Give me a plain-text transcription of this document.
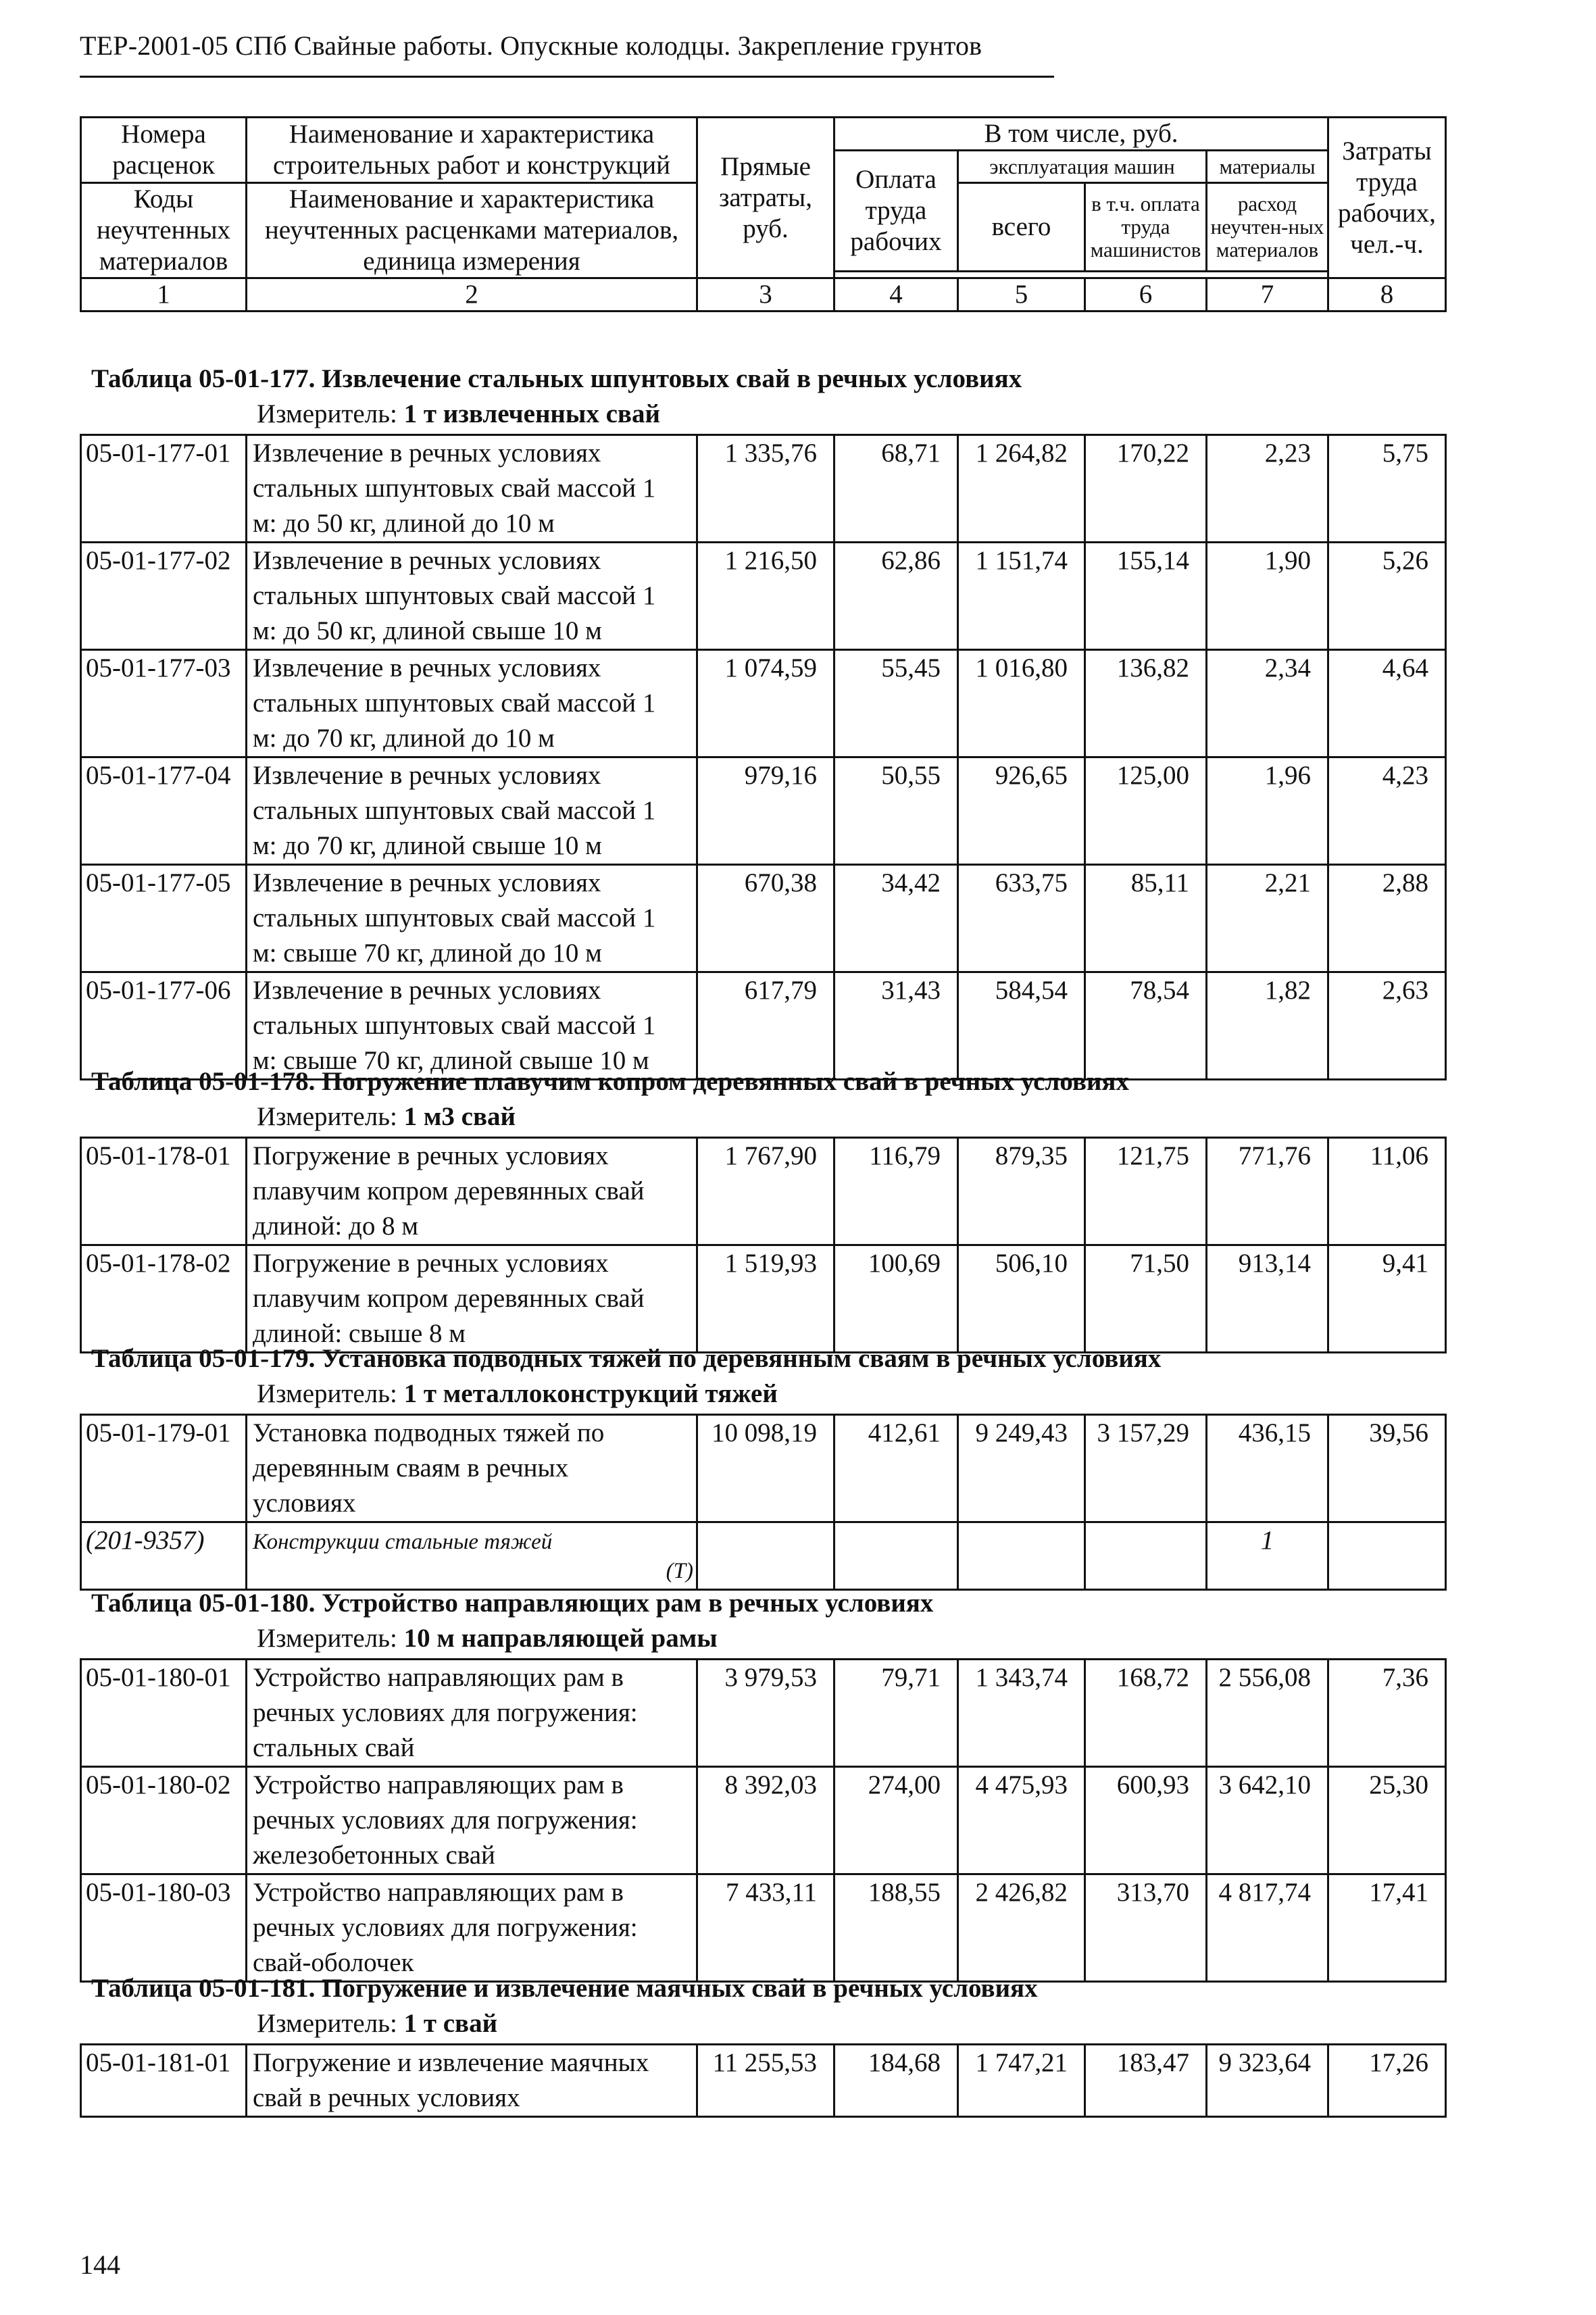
ТЕР-2001-05 СПб Свайные работы. Опускные колодцы. Закрепление грунтов
Номера расценок	Наименование и характеристика строительных работ и конструкций	Прямые затраты, руб.	В том числе, руб.				Затраты труда рабочих, чел.-ч.
			Оплата труда рабочих	эксплуатация машин		материалы	
Коды неучтенных материалов	Наименование и характеристика неучтенных расценками материалов, единица измерения			всего	в т.ч. оплата труда машинистов	расход неучтен-ных материалов	

1	2	3	4	5	6	7	8
Таблица 05-01-177. Извлечение стальных шпунтовых свай в речных условиях
Измеритель: 1 т извлеченных свай
05-01-177-01	Извлечение в речных условиях
стальных шпунтовых свай массой 1
м: до 50 кг, длиной до 10 м	1 335,76	68,71	1 264,82	170,22	2,23	5,75
05-01-177-02	Извлечение в речных условиях
стальных шпунтовых свай массой 1
м: до 50 кг, длиной свыше 10 м	1 216,50	62,86	1 151,74	155,14	1,90	5,26
05-01-177-03	Извлечение в речных условиях
стальных шпунтовых свай массой 1
м: до 70 кг, длиной до 10 м	1 074,59	55,45	1 016,80	136,82	2,34	4,64
05-01-177-04	Извлечение в речных условиях
стальных шпунтовых свай массой 1
м: до 70 кг, длиной свыше 10 м	979,16	50,55	926,65	125,00	1,96	4,23
05-01-177-05	Извлечение в речных условиях
стальных шпунтовых свай массой 1
м: свыше 70 кг, длиной до 10 м	670,38	34,42	633,75	85,11	2,21	2,88
05-01-177-06	Извлечение в речных условиях
стальных шпунтовых свай массой 1
м: свыше 70 кг, длиной свыше 10 м	617,79	31,43	584,54	78,54	1,82	2,63
Таблица 05-01-178. Погружение плавучим копром деревянных свай в речных условиях
Измеритель: 1 м3 свай
05-01-178-01	Погружение в речных условиях
плавучим копром деревянных свай
длиной: до 8 м	1 767,90	116,79	879,35	121,75	771,76	11,06
05-01-178-02	Погружение в речных условиях
плавучим копром деревянных свай
длиной: свыше 8 м	1 519,93	100,69	506,10	71,50	913,14	9,41
Таблица 05-01-179. Установка подводных тяжей по деревянным сваям в речных условиях
Измеритель: 1 т металлоконструкций тяжей
05-01-179-01	Установка подводных тяжей по
деревянным сваям в речных
условиях	10 098,19	412,61	9 249,43	3 157,29	436,15	39,56
(201-9357)	Конструкции стальные тяжей
(Т)					1	
Таблица 05-01-180. Устройство направляющих рам в речных условиях
Измеритель: 10 м направляющей рамы
05-01-180-01	Устройство направляющих рам в
речных условиях для погружения:
стальных свай	3 979,53	79,71	1 343,74	168,72	2 556,08	7,36
05-01-180-02	Устройство направляющих рам в
речных условиях для погружения:
железобетонных свай	8 392,03	274,00	4 475,93	600,93	3 642,10	25,30
05-01-180-03	Устройство направляющих рам в
речных условиях для погружения:
свай-оболочек	7 433,11	188,55	2 426,82	313,70	4 817,74	17,41
Таблица 05-01-181. Погружение и извлечение маячных свай в речных условиях
Измеритель: 1 т свай
05-01-181-01	Погружение и извлечение маячных
свай в речных условиях
	11 255,53	184,68	1 747,21	183,47	9 323,64	17,26
144
